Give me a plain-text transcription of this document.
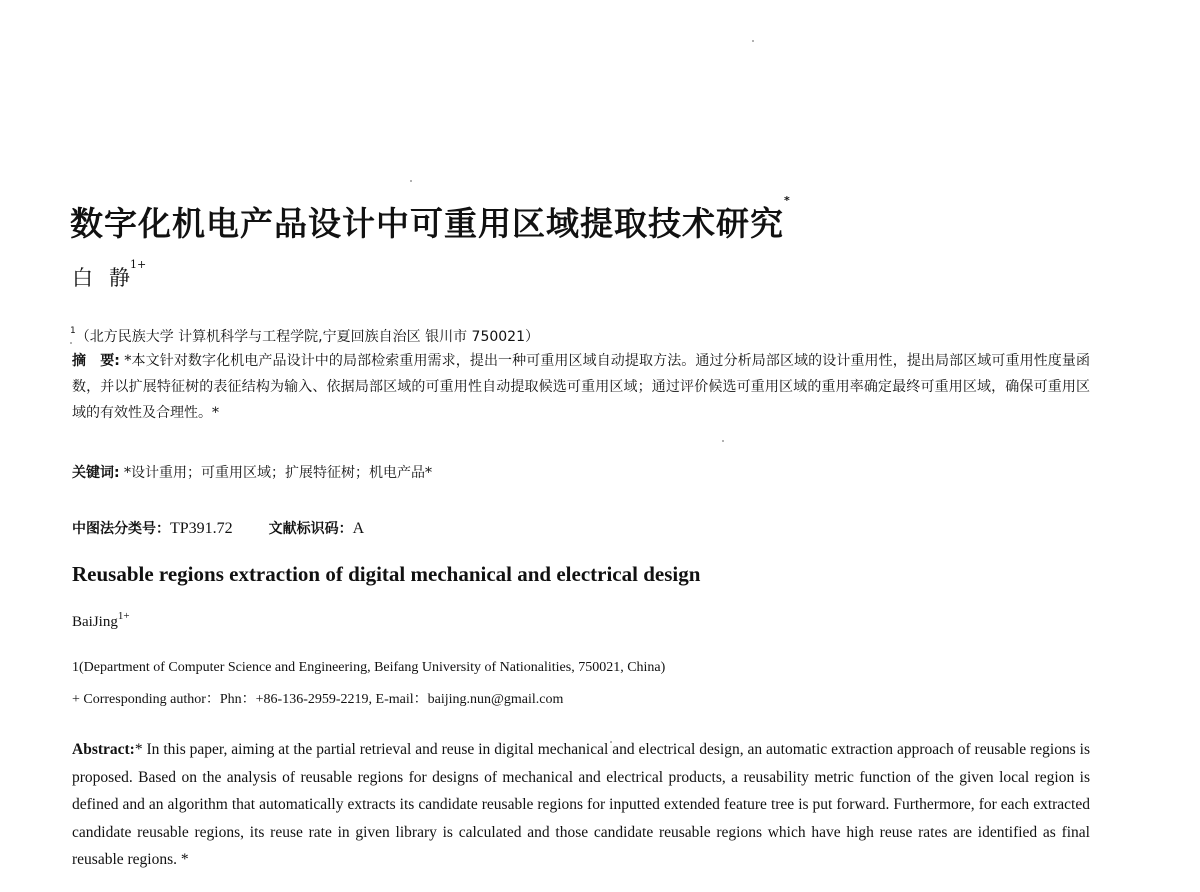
数字化机电产品设计中可重用区域提取技术研究*
白 静$^{1+}$
$^1$（北方民族大学 计算机科学与工程学院,宁夏回族自治区 银川市 750021）
摘　要: *本文针对数字化机电产品设计中的局部检索重用需求，提出一种可重用区域自动提取方法。通过分析局部区域的设计重用性，提出局部区域可重用性度量函数，并以扩展特征树的表征结构为输入、依据局部区域的可重用性自动提取候选可重用区域；通过评价候选可重用区域的重用率确定最终可重用区域，确保可重用区域的有效性及合理性。*
关键词: *设计重用；可重用区域；扩展特征树；机电产品*
中图法分类号：TP391.72	文献标识码：A
Reusable regions extraction of digital mechanical and electrical design
BaiJing$^{1+}$
1(Department of Computer Science and Engineering, Beifang University of Nationalities, 750021, China)
+ Corresponding author：Phn：+86-136-2959-2219, E-mail：baijing.nun@gmail.com
Abstract:* In this paper, aiming at the partial retrieval and reuse in digital mechanical and electrical design, an automatic extraction approach of reusable regions is proposed. Based on the analysis of reusable regions for designs of mechanical and electrical products, a reusability metric function of the given local region is defined and an algorithm that automatically extracts its candidate reusable regions for inputted extended feature tree is put forward. Furthermore, for each extracted candidate reusable regions, its reuse rate in given library is calculated and those candidate reusable regions which have high reuse rates are identified as final reusable regions. *
